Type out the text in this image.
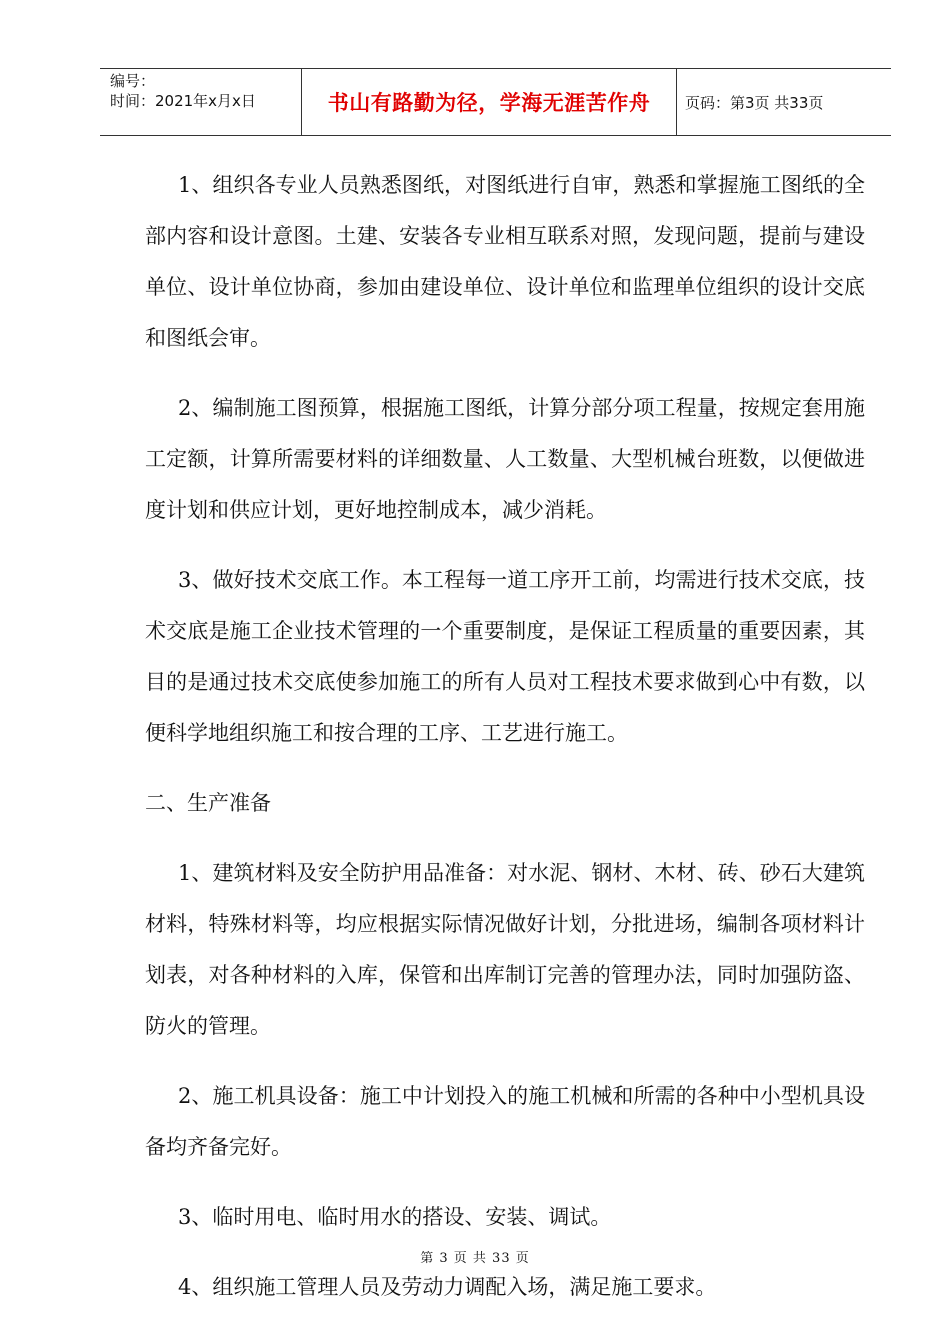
编号：
时间：2021年x月x日	书山有路勤为径，学海无涯苦作舟	页码：第3页 共33页

1、组织各专业人员熟悉图纸，对图纸进行自审，熟悉和掌握施工图纸的全部内容和设计意图。土建、安装各专业相互联系对照，发现问题，提前与建设单位、设计单位协商，参加由建设单位、设计单位和监理单位组织的设计交底和图纸会审。

2、编制施工图预算，根据施工图纸，计算分部分项工程量，按规定套用施工定额，计算所需要材料的详细数量、人工数量、大型机械台班数，以便做进度计划和供应计划，更好地控制成本，减少消耗。

3、做好技术交底工作。本工程每一道工序开工前，均需进行技术交底，技术交底是施工企业技术管理的一个重要制度，是保证工程质量的重要因素，其目的是通过技术交底使参加施工的所有人员对工程技术要求做到心中有数，以便科学地组织施工和按合理的工序、工艺进行施工。

二、生产准备

1、建筑材料及安全防护用品准备：对水泥、钢材、木材、砖、砂石大建筑材料，特殊材料等，均应根据实际情况做好计划，分批进场，编制各项材料计划表，对各种材料的入库，保管和出库制订完善的管理办法，同时加强防盗、防火的管理。

2、施工机具设备：施工中计划投入的施工机械和所需的各种中小型机具设备均齐备完好。

3、临时用电、临时用水的搭设、安装、调试。

4、组织施工管理人员及劳动力调配入场，满足施工要求。

第 3 页 共 33 页
